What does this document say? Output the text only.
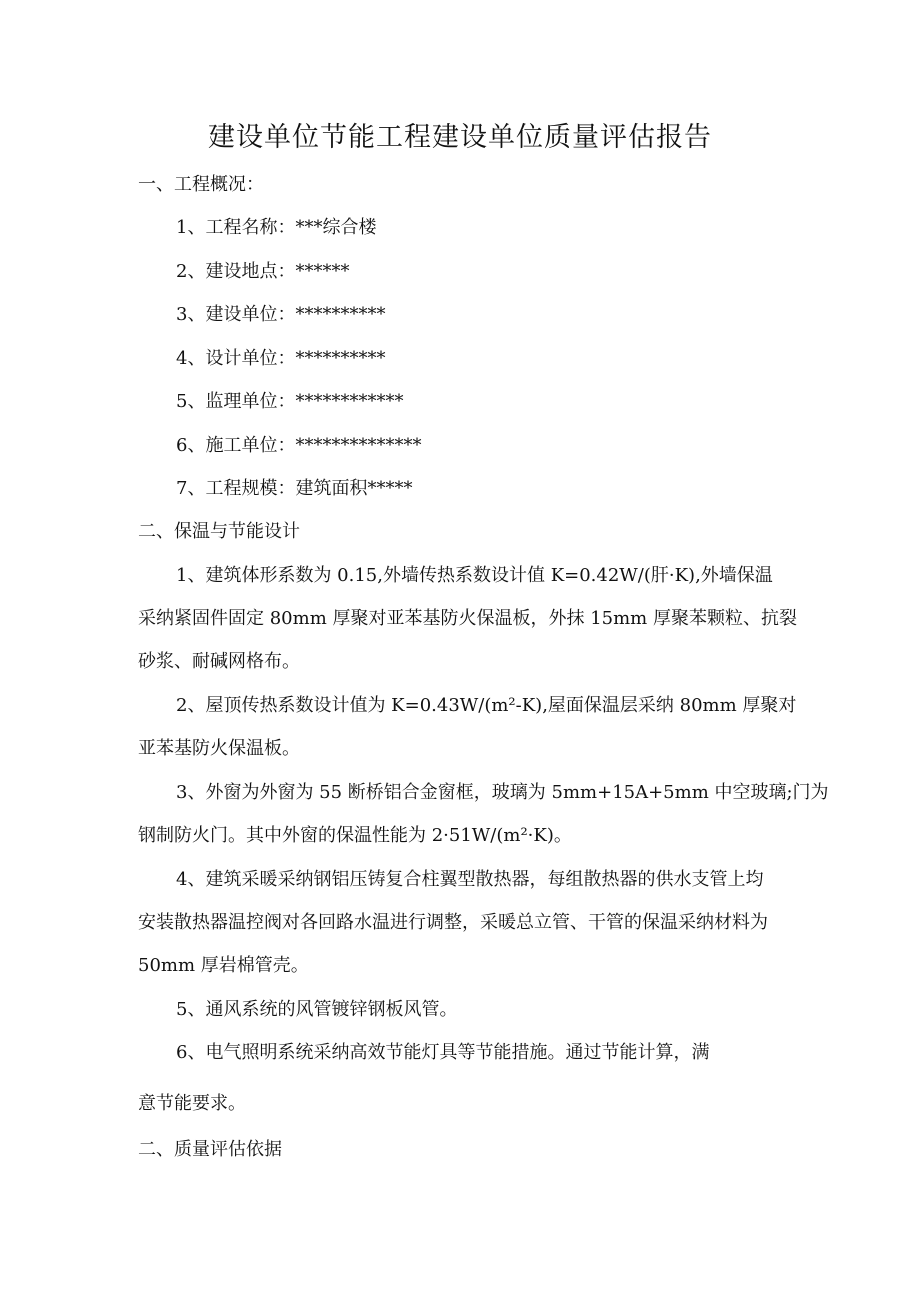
建设单位节能工程建设单位质量评估报告
一、工程概况：
1、工程名称：***综合楼
2、建设地点：******
3、建设单位：**********
4、设计单位：**********
5、监理单位：************
6、施工单位：**************
7、工程规模：建筑面积*****
二、保温与节能设计
1、建筑体形系数为 0.15,外墙传热系数设计值 K=0.42W/(肝·K),外墙保温
采纳紧固件固定 80mm 厚聚对亚苯基防火保温板，外抹 15mm 厚聚苯颗粒、抗裂
砂浆、耐碱网格布。
2、屋顶传热系数设计值为 K=0.43W/(m²-K),屋面保温层采纳 80mm 厚聚对
亚苯基防火保温板。
3、外窗为外窗为 55 断桥铝合金窗框，玻璃为 5mm+15A+5mm 中空玻璃;门为
钢制防火门。其中外窗的保温性能为 2·51W/(m²·K)。
4、建筑采暖采纳钢铝压铸复合柱翼型散热器，每组散热器的供水支管上均
安装散热器温控阀对各回路水温进行调整，采暖总立管、干管的保温采纳材料为
50mm 厚岩棉管壳。
5、通风系统的风管镀锌钢板风管。
6、电气照明系统采纳高效节能灯具等节能措施。通过节能计算，满
意节能要求。
二、质量评估依据
